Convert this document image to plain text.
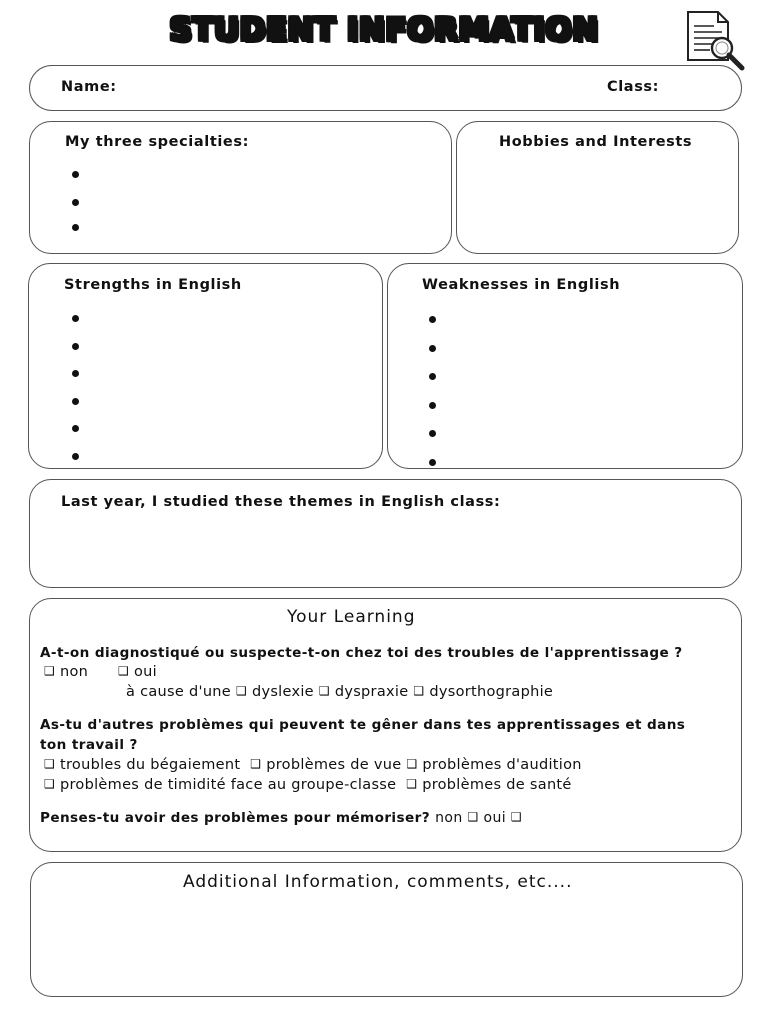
STUDENT INFORMATION
Name:	Class:
My three specialties:	Hobbies and Interests
Strengths in English	Weaknesses in English
Last year, I studied these themes in English class:
Your Learning
A-t-on diagnostiqué ou suspecte-t-on chez toi des troubles de l'apprentissage ?
❑ non ❑ oui
à cause d'une ❑ dyslexie ❑ dyspraxie ❑ dysorthographie
As-tu d'autres problèmes qui peuvent te gêner dans tes apprentissages et dans
ton travail ?
❑ troubles du bégaiement ❑ problèmes de vue ❑ problèmes d'audition
❑ problèmes de timidité face au groupe-classe ❑ problèmes de santé
Penses-tu avoir des problèmes pour mémoriser? non ❑ oui ❑
Additional Information, comments, etc....
